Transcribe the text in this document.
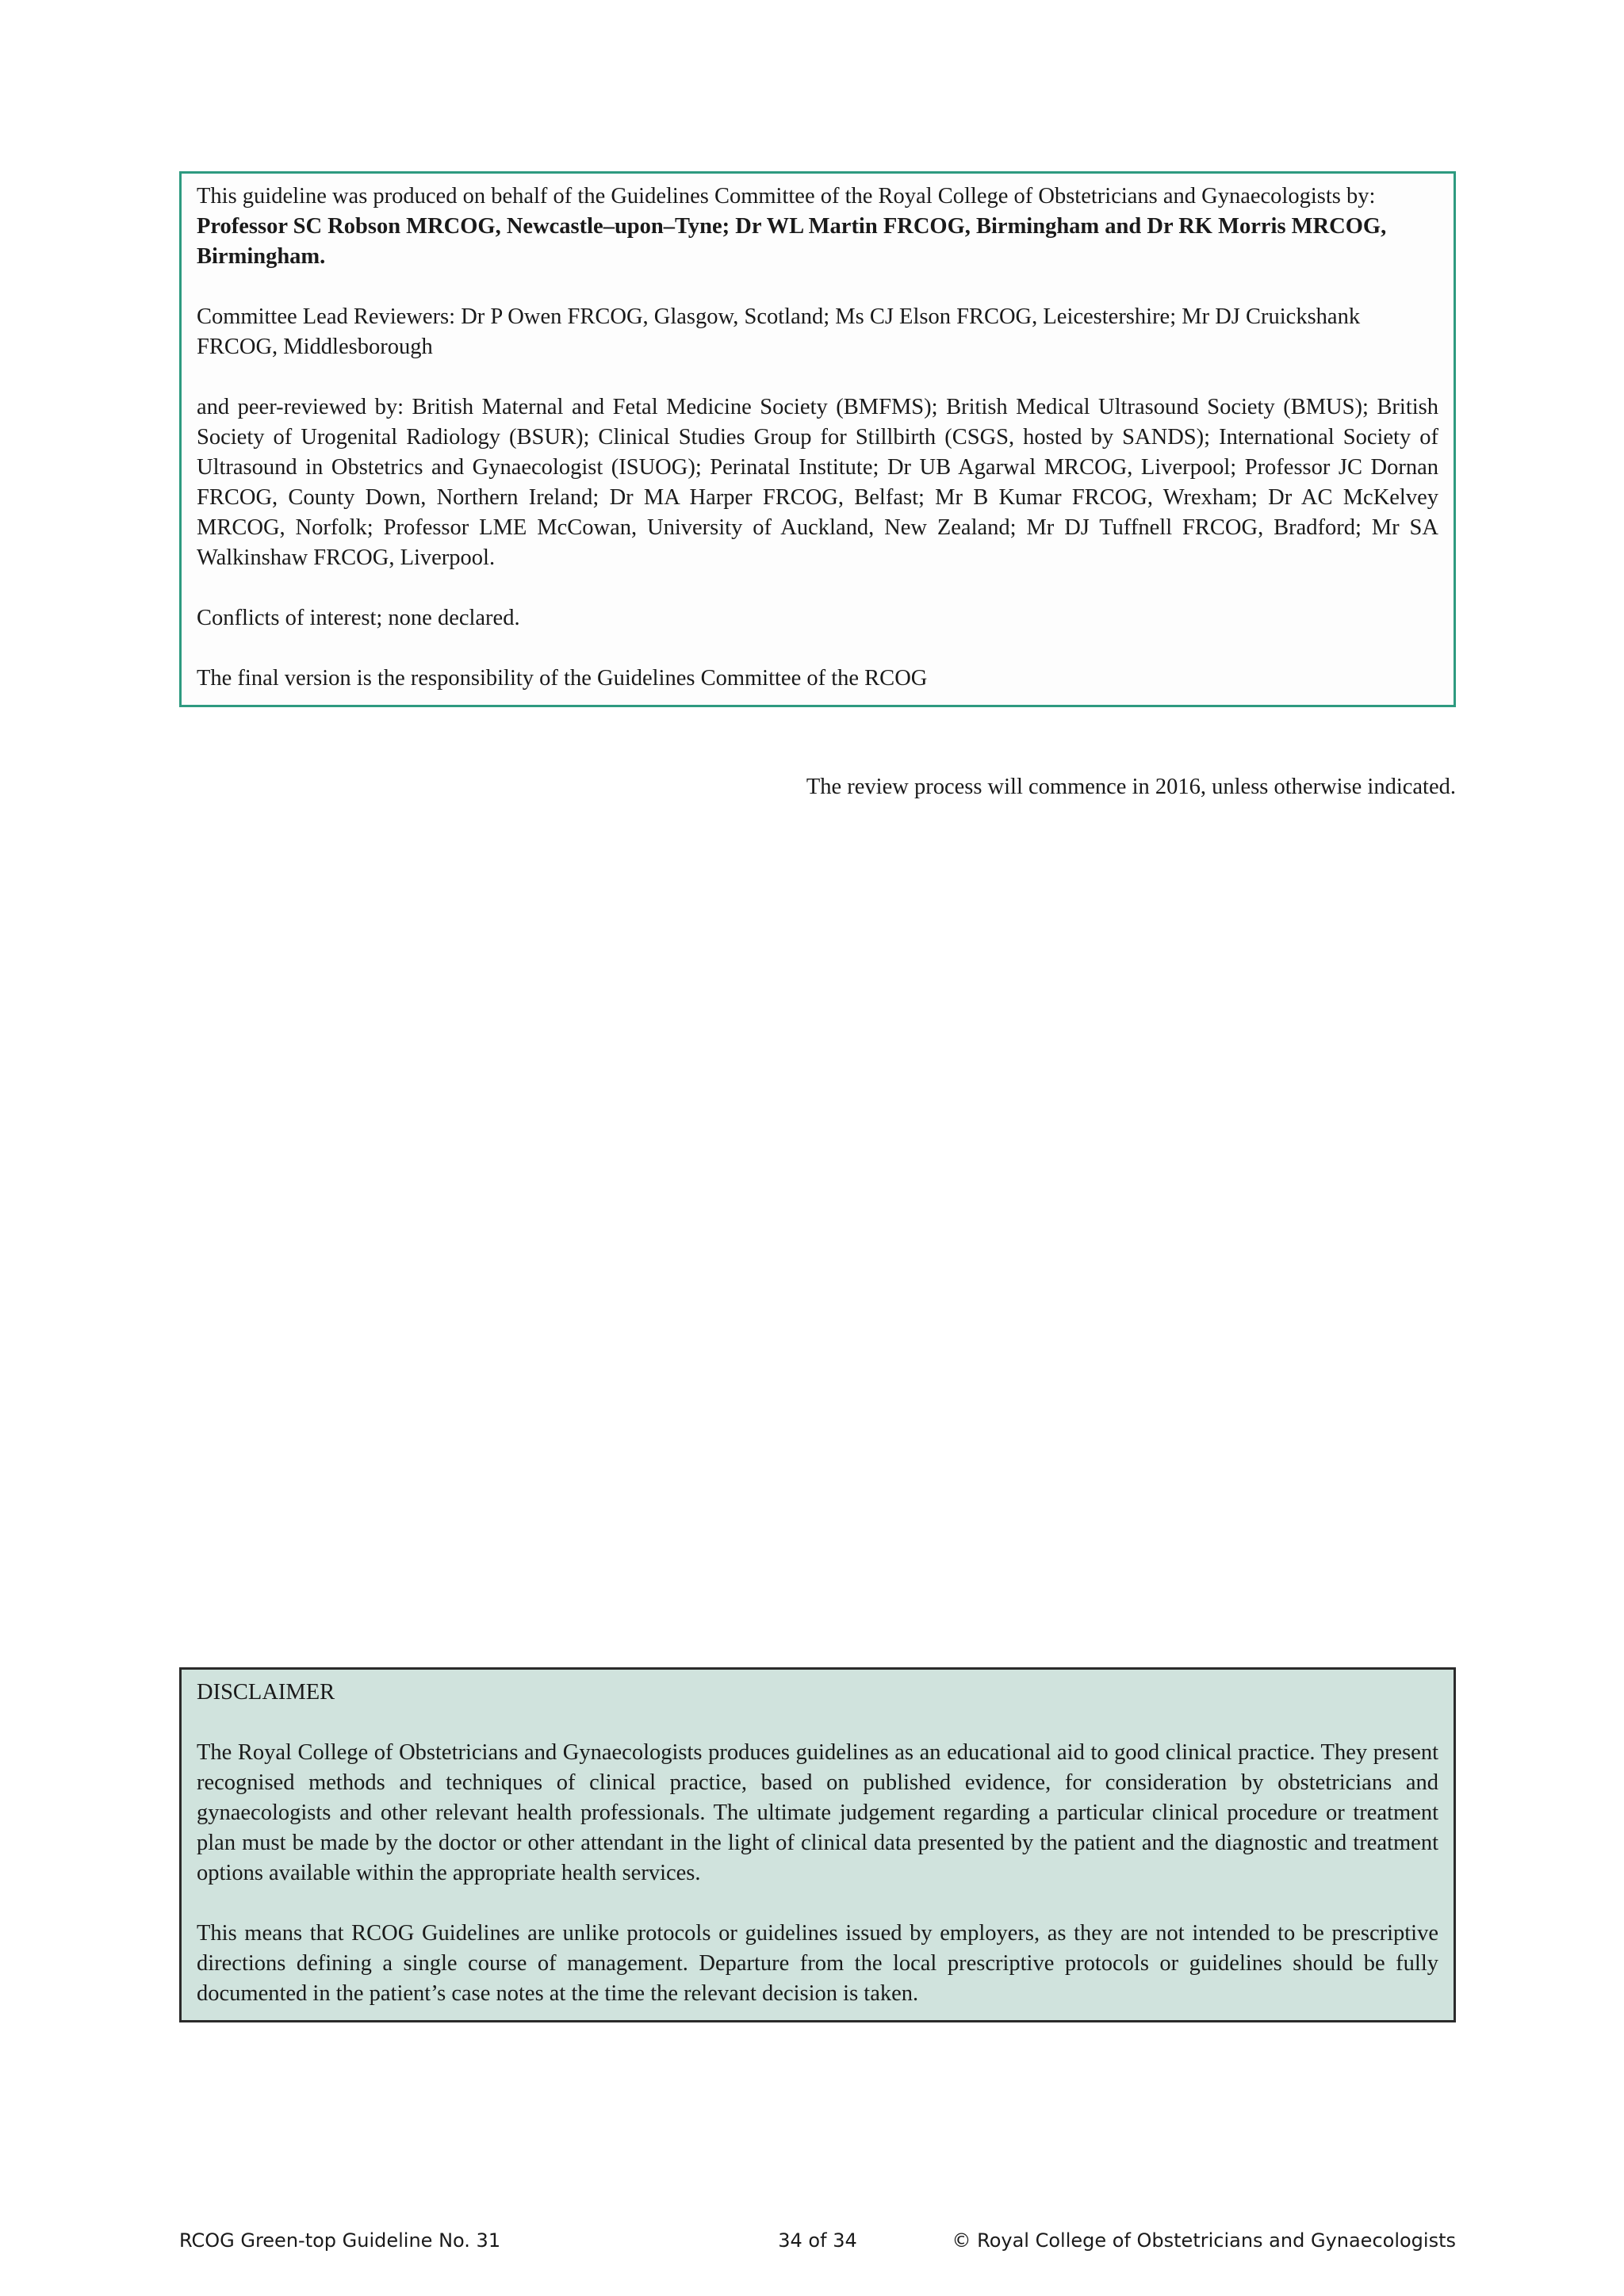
This guideline was produced on behalf of the Guidelines Committee of the Royal College of Obstetricians and Gynaecologists by:
Professor SC Robson MRCOG, Newcastle–upon–Tyne; Dr WL Martin FRCOG, Birmingham and Dr RK Morris MRCOG, Birmingham.

Committee Lead Reviewers: Dr P Owen FRCOG, Glasgow, Scotland; Ms CJ Elson FRCOG, Leicestershire; Mr DJ Cruickshank FRCOG, Middlesborough

and peer-reviewed by: British Maternal and Fetal Medicine Society (BMFMS); British Medical Ultrasound Society (BMUS); British Society of Urogenital Radiology (BSUR); Clinical Studies Group for Stillbirth (CSGS, hosted by SANDS); International Society of Ultrasound in Obstetrics and Gynaecologist (ISUOG); Perinatal Institute; Dr UB Agarwal MRCOG, Liverpool; Professor JC Dornan FRCOG, County Down, Northern Ireland; Dr MA Harper FRCOG, Belfast; Mr B Kumar FRCOG, Wrexham; Dr AC McKelvey MRCOG, Norfolk; Professor LME McCowan, University of Auckland, New Zealand; Mr DJ Tuffnell FRCOG, Bradford; Mr SA Walkinshaw FRCOG, Liverpool.

Conflicts of interest; none declared.

The final version is the responsibility of the Guidelines Committee of the RCOG

The review process will commence in 2016, unless otherwise indicated.

DISCLAIMER

The Royal College of Obstetricians and Gynaecologists produces guidelines as an educational aid to good clinical practice. They present recognised methods and techniques of clinical practice, based on published evidence, for consideration by obstetricians and gynaecologists and other relevant health professionals. The ultimate judgement regarding a particular clinical procedure or treatment plan must be made by the doctor or other attendant in the light of clinical data presented by the patient and the diagnostic and treatment options available within the appropriate health services.

This means that RCOG Guidelines are unlike protocols or guidelines issued by employers, as they are not intended to be prescriptive directions defining a single course of management. Departure from the local prescriptive protocols or guidelines should be fully documented in the patient’s case notes at the time the relevant decision is taken.

RCOG Green-top Guideline No. 31	34 of 34	© Royal College of Obstetricians and Gynaecologists
